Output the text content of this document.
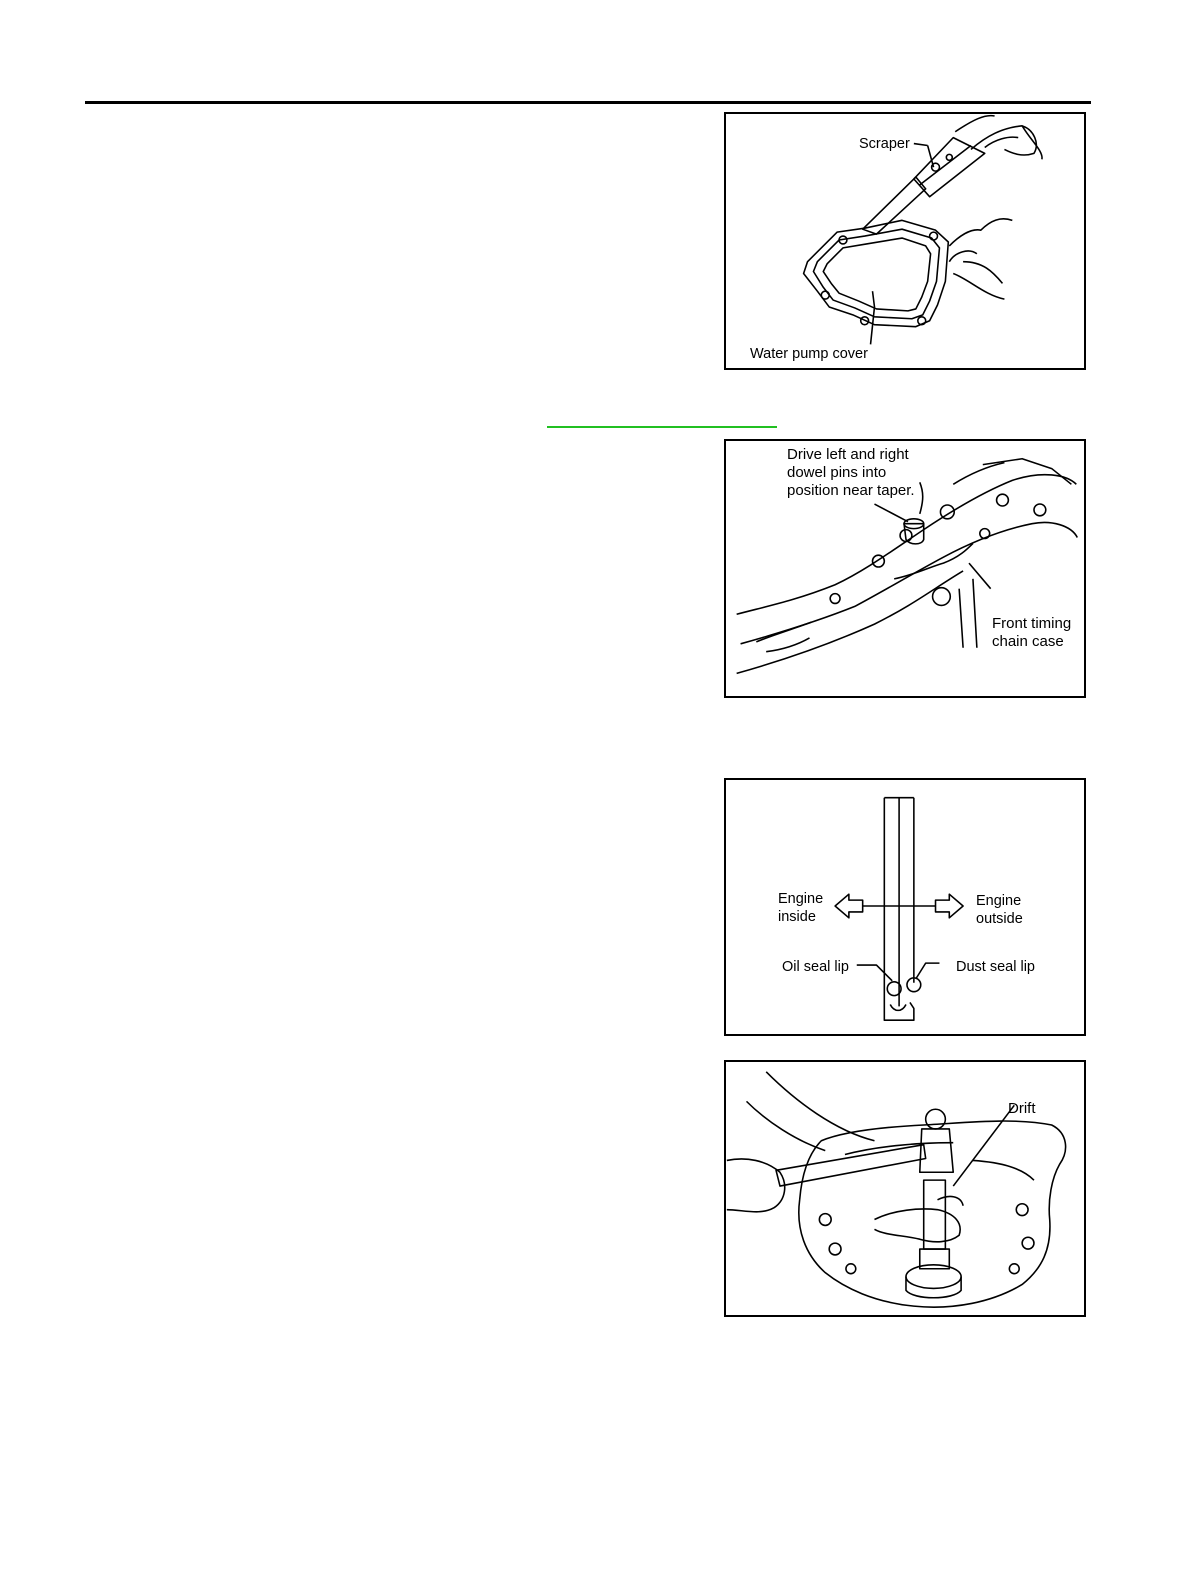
Scraper
Water pump cover
Drive left and right
dowel pins into
position near taper.
Front timing
chain case
Engine
inside
Engine
outside
Oil seal lip	Dust seal lip
Drift
